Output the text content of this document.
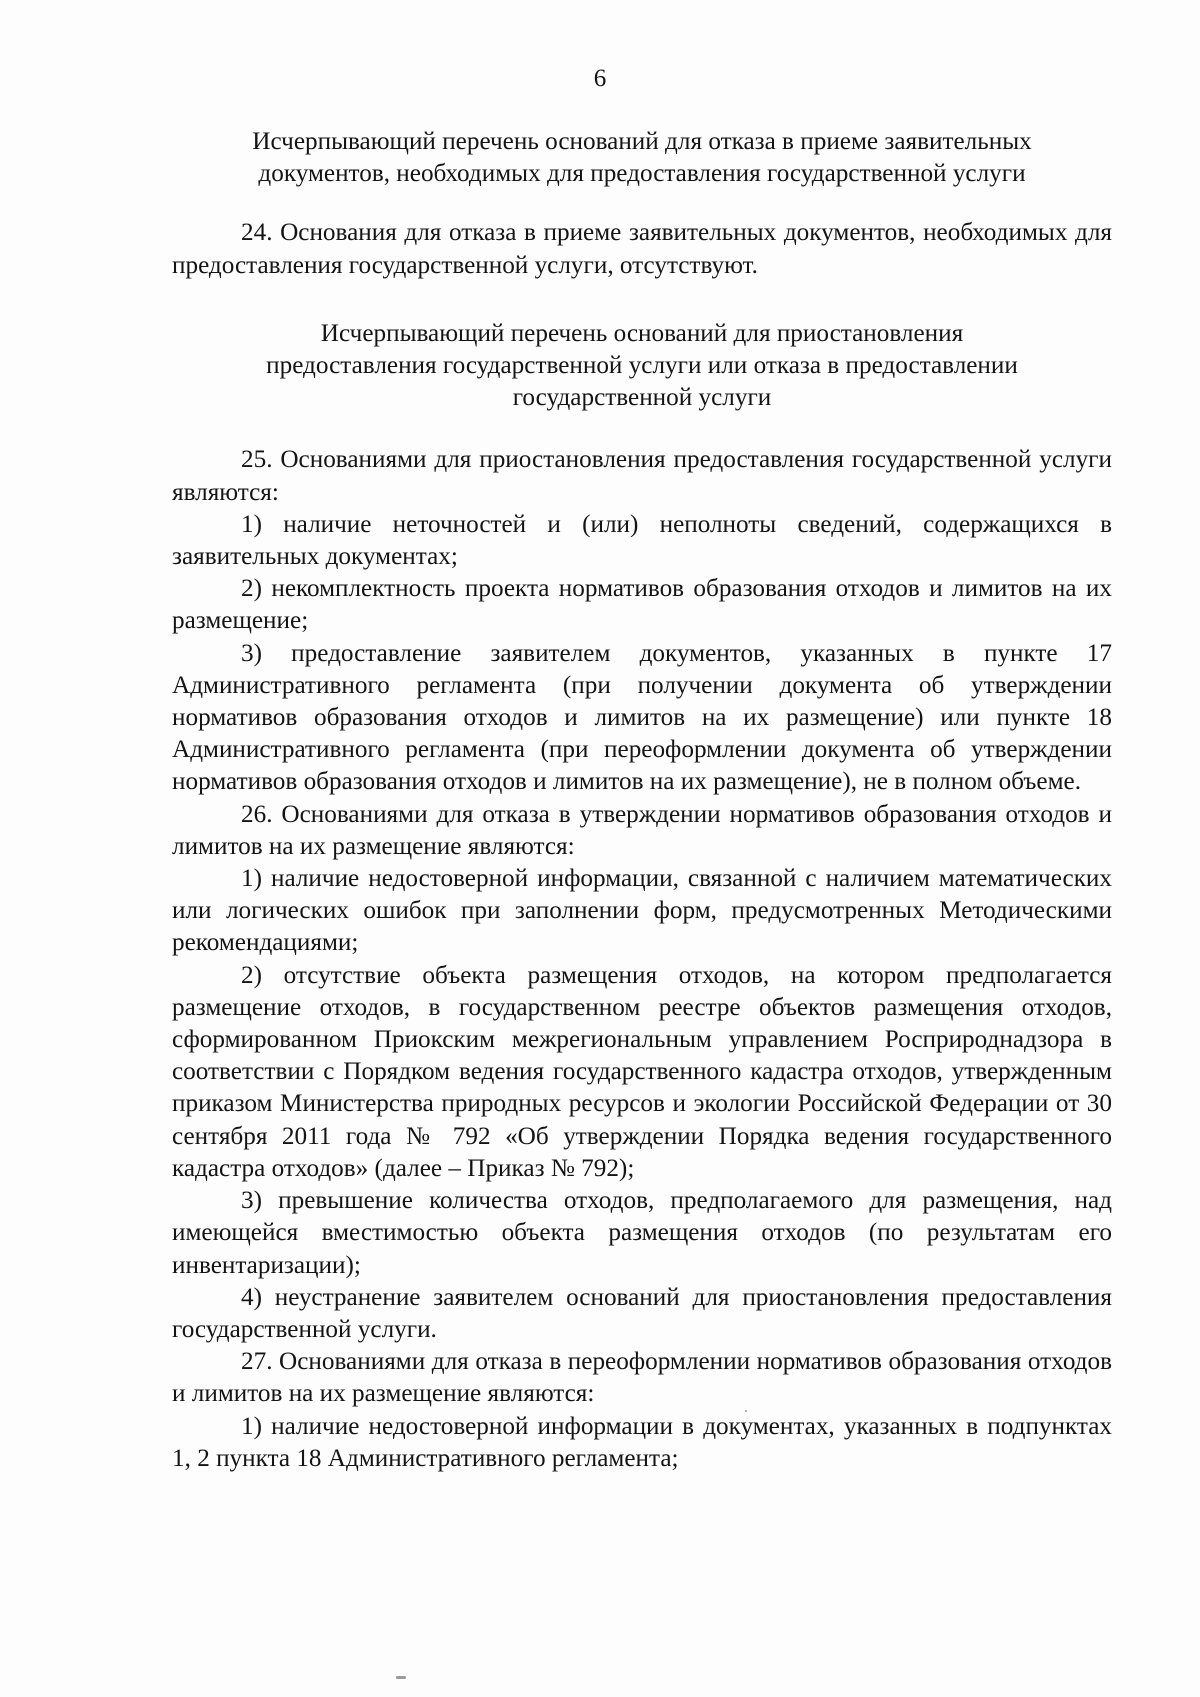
6
Исчерпывающий перечень оснований для отказа в приеме заявительных
документов, необходимых для предоставления государственной услуги

24. Основания для отказа в приеме заявительных документов, необходимых для предоставления государственной услуги, отсутствуют.

Исчерпывающий перечень оснований для приостановления
предоставления государственной услуги или отказа в предоставлении
государственной услуги

25. Основаниями для приостановления предоставления государственной услуги являются:

1) наличие неточностей и (или) неполноты сведений, содержащихся в заявительных документах;

2) некомплектность проекта нормативов образования отходов и лимитов на их размещение;

3) предоставление заявителем документов, указанных в пункте 17 Административного регламента (при получении документа об утверждении нормативов образования отходов и лимитов на их размещение) или пункте 18 Административного регламента (при переоформлении документа об утверждении нормативов образования отходов и лимитов на их размещение), не в полном объеме.

26. Основаниями для отказа в утверждении нормативов образования отходов и лимитов на их размещение являются:

1) наличие недостоверной информации, связанной с наличием математических или логических ошибок при заполнении форм, предусмотренных Методическими рекомендациями;

2) отсутствие объекта размещения отходов, на котором предполагается размещение отходов, в государственном реестре объектов размещения отходов, сформированном Приокским межрегиональным управлением Росприроднадзора в соответствии с Порядком ведения государственного кадастра отходов, утвержденным приказом Министерства природных ресурсов и экологии Российской Федерации от 30 сентября 2011 года № 792 «Об утверждении Порядка ведения государственного кадастра отходов» (далее – Приказ № 792);

3) превышение количества отходов, предполагаемого для размещения, над имеющейся вместимостью объекта размещения отходов (по результатам его инвентаризации);

4) неустранение заявителем оснований для приостановления предоставления государственной услуги.

27. Основаниями для отказа в переоформлении нормативов образования отходов и лимитов на их размещение являются:

1) наличие недостоверной информации в документах, указанных в подпунктах 1, 2 пункта 18 Административного регламента;
